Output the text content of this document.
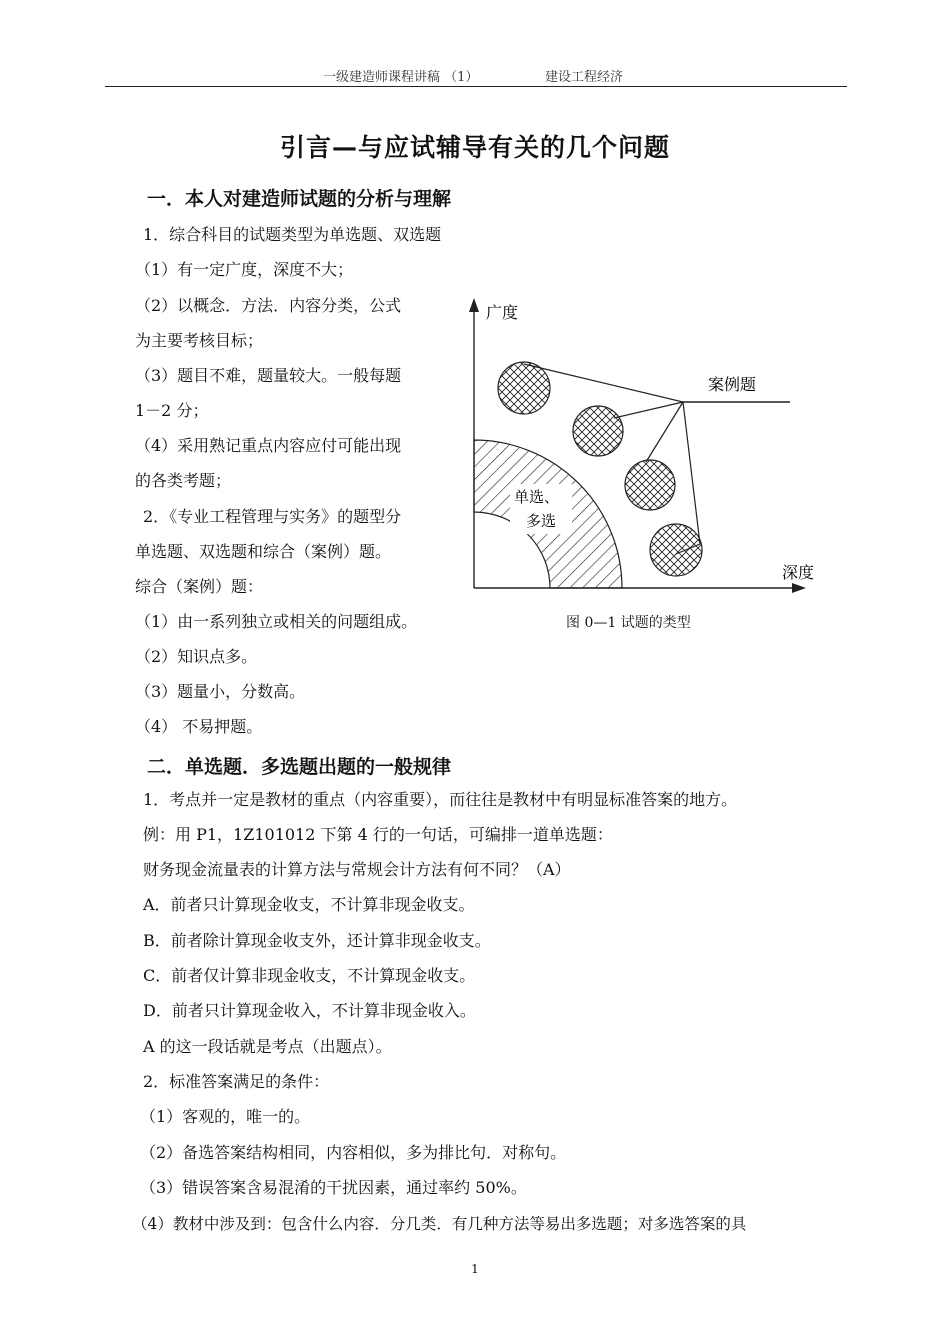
一级建造师课程讲稿 （1）	建设工程经济
引言—与应试辅导有关的几个问题
一．本人对建造师试题的分析与理解
1．综合科目的试题类型为单选题、双选题
（1）有一定广度，深度不大；
（2）以概念．方法．内容分类，公式
为主要考核目标；
（3）题目不难，题量较大。一般每题
1－2 分；
（4）采用熟记重点内容应付可能出现
的各类考题；
2．《专业工程管理与实务》的题型分
单选题、双选题和综合（案例）题。
综合（案例）题：
（1）由一系列独立或相关的问题组成。
（2）知识点多。
（3）题量小，分数高。
（4） 不易押题。
单选、
多选
案例题
广度
深度
图 0—1 试题的类型
二．单选题．多选题出题的一般规律
1．考点并一定是教材的重点（内容重要），而往往是教材中有明显标准答案的地方。
例：用 P1，1Z101012 下第 4 行的一句话，可编排一道单选题：
财务现金流量表的计算方法与常规会计方法有何不同？（A）
A．前者只计算现金收支，不计算非现金收支。
B．前者除计算现金收支外，还计算非现金收支。
C．前者仅计算非现金收支，不计算现金收支。
D．前者只计算现金收入，不计算非现金收入。
A 的这一段话就是考点（出题点）。
2．标准答案满足的条件：
（1）客观的，唯一的。
（2）备选答案结构相同，内容相似，多为排比句．对称句。
（3）错误答案含易混淆的干扰因素，通过率约 50%。
（4）教材中涉及到：包含什么内容．分几类．有几种方法等易出多选题；对多选答案的具
1
